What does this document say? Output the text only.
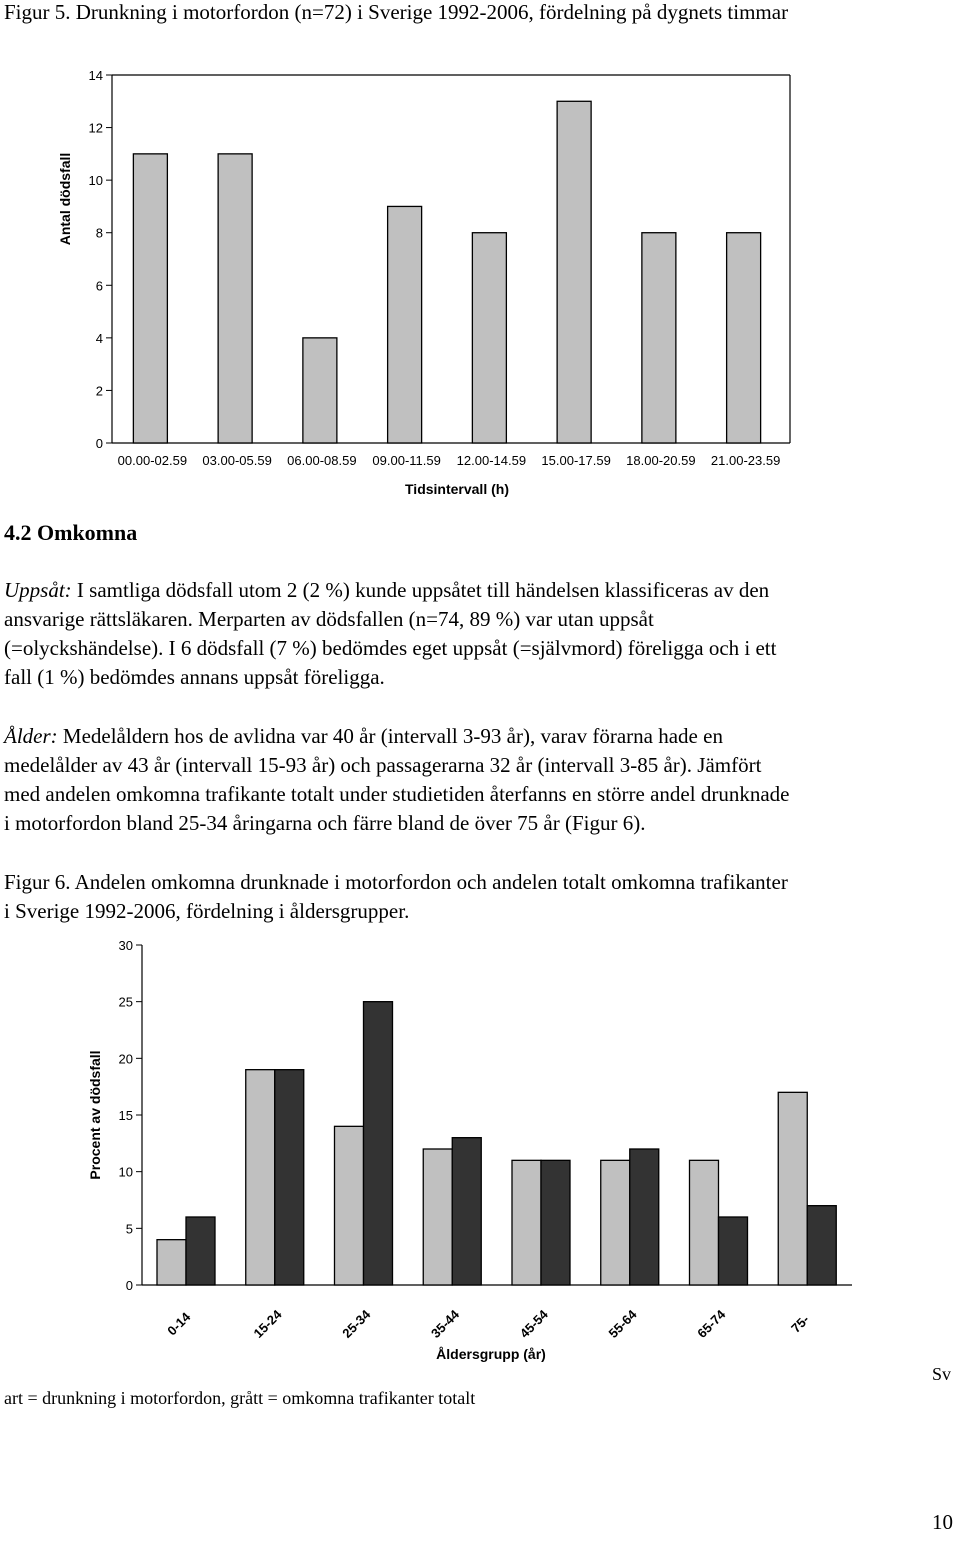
Figur 5. Drunkning i motorfordon (n=72) i Sverige 1992-2006, fördelning på dygnets timmar
0
2
4
6
8
10
12
14
00.00-02.59 03.00-05.59 06.00-08.59 09.00-11.59 12.00-14.59 15.00-17.59 18.00-20.59 21.00-23.59
Tidsintervall (h)
Antal dödsfall
4.2 Omkomna

Uppsåt: I samtliga dödsfall utom 2 (2 %) kunde uppsåtet till händelsen klassificeras av den

ansvarige rättsläkaren. Merparten av dödsfallen (n=74, 89 %) var utan uppsåt

(=olyckshändelse). I 6 dödsfall (7 %) bedömdes eget uppsåt (=självmord) föreligga och i ett

fall (1 %) bedömdes annans uppsåt föreligga.

Ålder: Medelåldern hos de avlidna var 40 år (intervall 3-93 år), varav förarna hade en

medelålder av 43 år (intervall 15-93 år) och passagerarna 32 år (intervall 3-85 år). Jämfört

med andelen omkomna trafikante totalt under studietiden återfanns en större andel drunknade

i motorfordon bland 25-34 åringarna och färre bland de över 75 år (Figur 6).

Figur 6. Andelen omkomna drunknade i motorfordon och andelen totalt omkomna trafikanter

i Sverige 1992-2006, fördelning i åldersgrupper.

0
5
10
15
20
25
30
0-14	15-24	25-34	35-44	45-54	55-64	65-74	75-
Åldersgrupp (år)
Procent av dödsfall
art = drunkning i motorfordon, grått = omkomna trafikanter totalt
Sv
10
